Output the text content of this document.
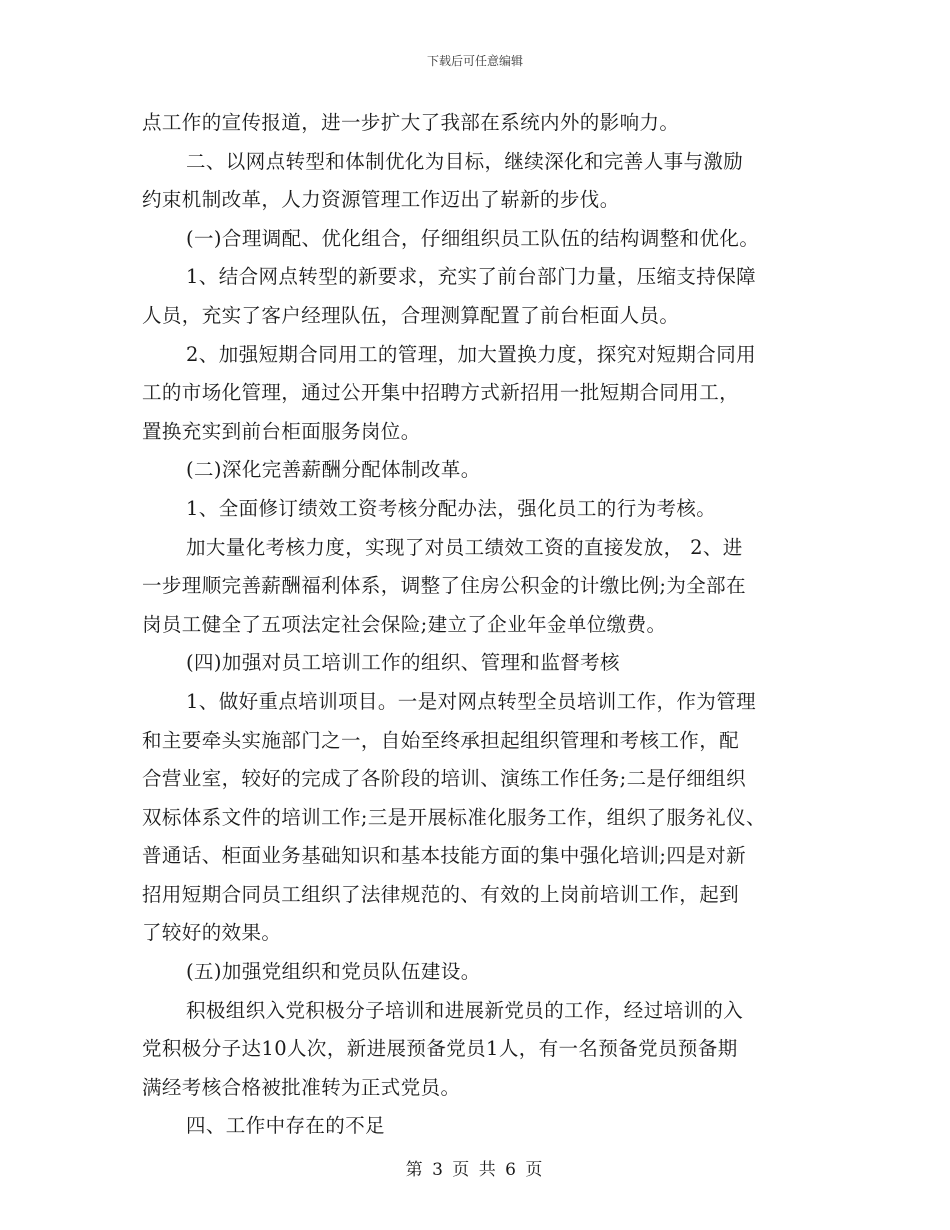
下载后可任意编辑
点工作的宣传报道，进一步扩大了我部在系统内外的影响力。
二、以网点转型和体制优化为目标，继续深化和完善人事与激励
约束机制改革，人力资源管理工作迈出了崭新的步伐。
(一)合理调配、优化组合，仔细组织员工队伍的结构调整和优化。
1、结合网点转型的新要求，充实了前台部门力量，压缩支持保障
人员，充实了客户经理队伍，合理测算配置了前台柜面人员。
2、加强短期合同用工的管理，加大置换力度，探究对短期合同用
工的市场化管理，通过公开集中招聘方式新招用一批短期合同用工，
置换充实到前台柜面服务岗位。
(二)深化完善薪酬分配体制改革。
1、全面修订绩效工资考核分配办法，强化员工的行为考核。
加大量化考核力度，实现了对员工绩效工资的直接发放， 2、进
一步理顺完善薪酬福利体系，调整了住房公积金的计缴比例;为全部在
岗员工健全了五项法定社会保险;建立了企业年金单位缴费。
(四)加强对员工培训工作的组织、管理和监督考核
1、做好重点培训项目。一是对网点转型全员培训工作，作为管理
和主要牵头实施部门之一，自始至终承担起组织管理和考核工作，配
合营业室，较好的完成了各阶段的培训、演练工作任务;二是仔细组织
双标体系文件的培训工作;三是开展标准化服务工作，组织了服务礼仪、
普通话、柜面业务基础知识和基本技能方面的集中强化培训;四是对新
招用短期合同员工组织了法律规范的、有效的上岗前培训工作，起到
了较好的效果。
(五)加强党组织和党员队伍建设。
积极组织入党积极分子培训和进展新党员的工作，经过培训的入
党积极分子达10人次，新进展预备党员1人，有一名预备党员预备期
满经考核合格被批准转为正式党员。
四、工作中存在的不足
第 3 页 共 6 页
